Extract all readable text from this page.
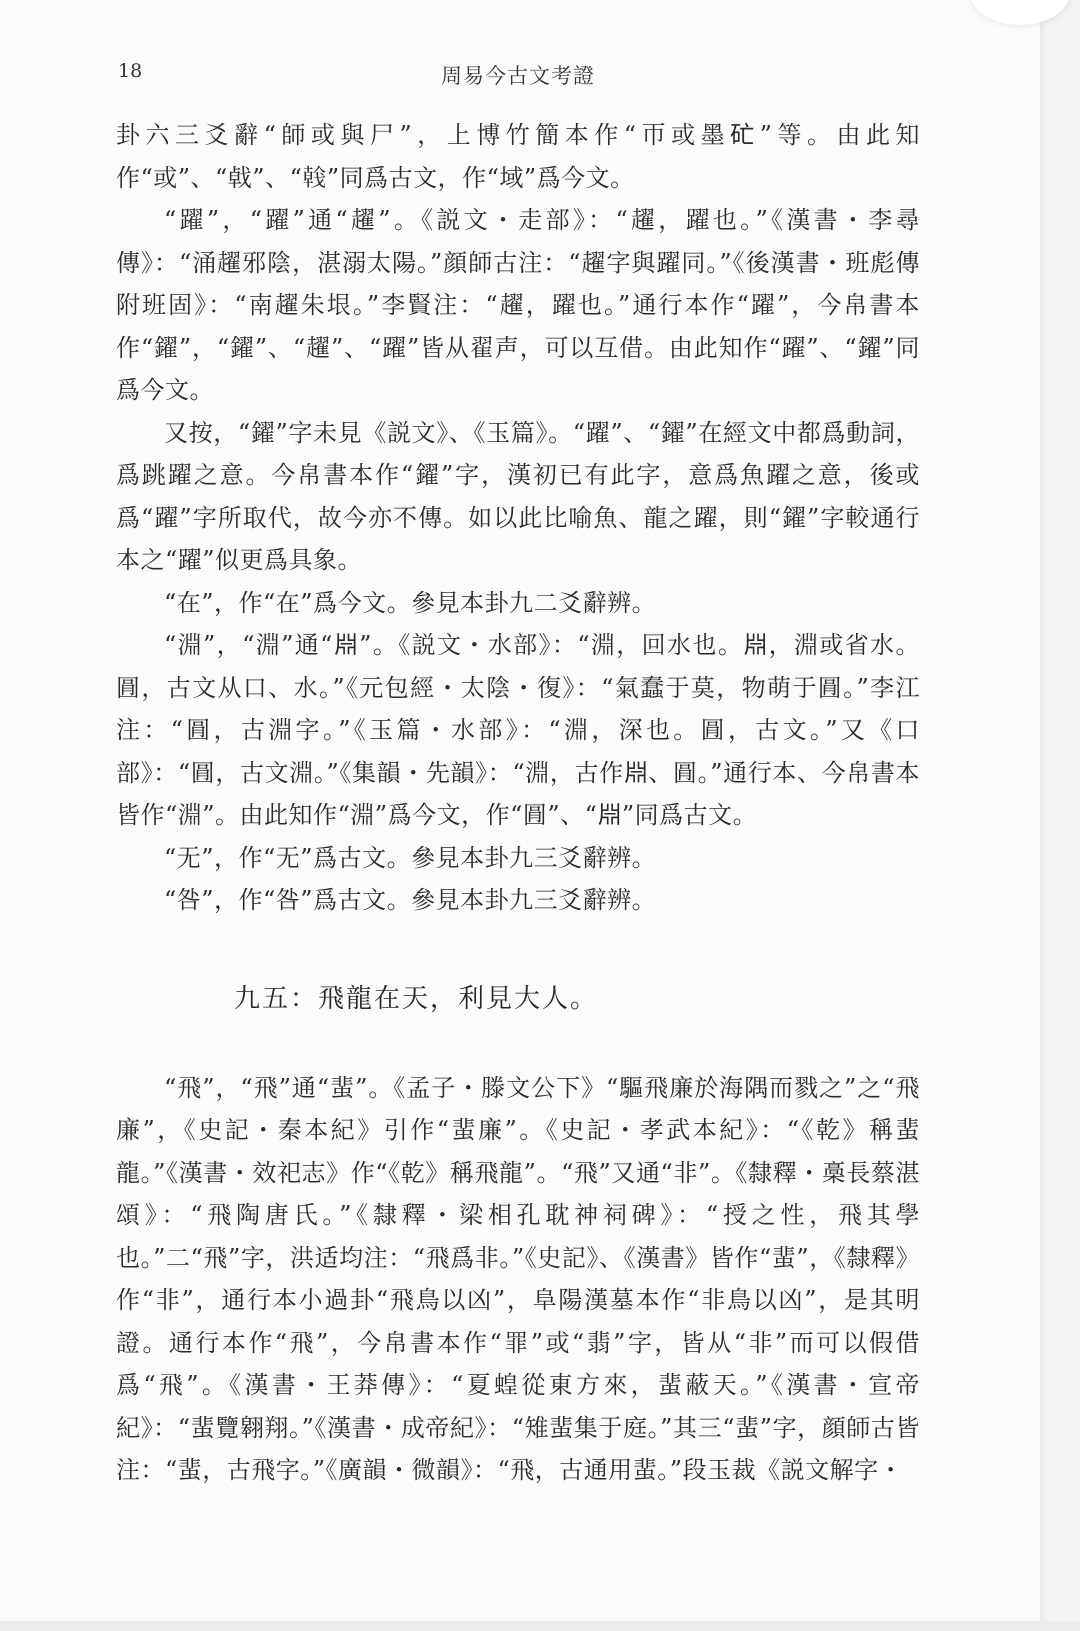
18	周易今古文考證

卦六三爻辭“師或與尸”，上博竹簡本作“帀或墨𥐞”等。由此知作“或”、“㦸”、“𢧢”同爲古文，作“域”爲今文。

“躍”，“躍”通“趯”。《説文・走部》：“趯，躍也。”《漢書・李尋傳》：“涌趯邪陰，湛溺太陽。”顔師古注：“趯字與躍同。”《後漢書・班彪傳附班固》：“南趯朱垠。”李賢注：“趯，躍也。”通行本作“躍”，今帛書本作“鑃”，“鑃”、“趯”、“躍”皆从翟声，可以互借。由此知作“躍”、“鑃”同爲今文。

又按，“鑃”字未見《説文》、《玉篇》。“躍”、“鑃”在經文中都爲動詞，爲跳躍之意。今帛書本作“鑃”字，漢初已有此字，意爲魚躍之意，後或爲“躍”字所取代，故今亦不傳。如以此比喻魚、龍之躍，則“鑃”字較通行本之“躍”似更爲具象。

“在”，作“在”爲今文。參見本卦九二爻辭辨。

“淵”，“淵”通“𣶒”。《説文・水部》：“淵，回水也。𣶒，淵或省水。㘣，古文从口、水。”《元包經・太陰・復》：“氣蠢于莫，物萌于㘣。”李江注：“㘣，古淵字。”《玉篇・水部》：“淵，深也。㘣，古文。”又《口部》：“㘣，古文淵。”《集韻・先韻》：“淵，古作𣶒、㘣。”通行本、今帛書本皆作“淵”。由此知作“淵”爲今文，作“㘣”、“𣶒”同爲古文。

“无”，作“无”爲古文。參見本卦九三爻辭辨。

“咎”，作“咎”爲古文。參見本卦九三爻辭辨。

九五：飛龍在天，利見大人。

“飛”，“飛”通“蜚”。《孟子・滕文公下》“驅飛廉於海隅而戮之”之“飛廉”，《史記・秦本紀》引作“蜚廉”。《史記・孝武本紀》：“《乾》稱蜚龍。”《漢書・效祀志》作“《乾》稱飛龍”。“飛”又通“非”。《隸釋・槀長蔡湛頌》：“飛陶唐氏。”《隸釋・梁相孔耽神祠碑》：“授之性，飛其學也。”二“飛”字，洪适均注：“飛爲非。”《史記》、《漢書》皆作“蜚”，《隸釋》作“非”，通行本小過卦“飛鳥以凶”，阜陽漢墓本作“非鳥以凶”，是其明證。通行本作“飛”，今帛書本作“罪”或“翡”字，皆从“非”而可以假借爲“飛”。《漢書・王莽傳》：“夏蝗從東方來，蜚蔽天。”《漢書・宣帝紀》：“蜚覽翱翔。”《漢書・成帝紀》：“雉蜚集于庭。”其三“蜚”字，顔師古皆注：“蜚，古飛字。”《廣韻・微韻》：“飛，古通用蜚。”段玉裁《説文解字・
